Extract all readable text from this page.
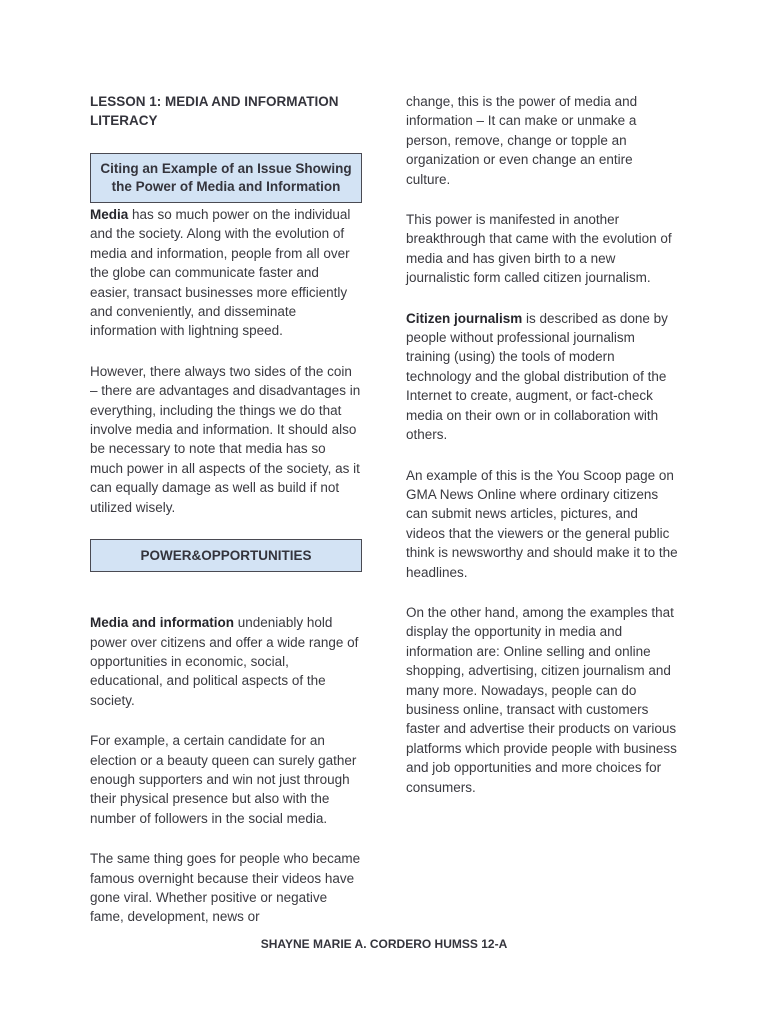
LESSON 1: MEDIA AND INFORMATION LITERACY
Citing an Example of an Issue Showing the Power of Media and Information

Media has so much power on the individual and the society. Along with the evolution of media and information, people from all over the globe can communicate faster and easier, transact businesses more efficiently and conveniently, and disseminate information with lightning speed.

However, there always two sides of the coin – there are advantages and disadvantages in everything, including the things we do that involve media and information. It should also be necessary to note that media has so much power in all aspects of the society, as it can equally damage as well as build if not utilized wisely.

POWER&OPPORTUNITIES

Media and information undeniably hold power over citizens and offer a wide range of opportunities in economic, social, educational, and political aspects of the society.

For example, a certain candidate for an election or a beauty queen can surely gather enough supporters and win not just through their physical presence but also with the number of followers in the social media.

The same thing goes for people who became famous overnight because their videos have gone viral. Whether positive or negative fame, development, news or

change, this is the power of media and information – It can make or unmake a person, remove, change or topple an organization or even change an entire culture.

This power is manifested in another breakthrough that came with the evolution of media and has given birth to a new journalistic form called citizen journalism.

Citizen journalism is described as done by people without professional journalism training (using) the tools of modern technology and the global distribution of the Internet to create, augment, or fact-check media on their own or in collaboration with others.

An example of this is the You Scoop page on GMA News Online where ordinary citizens can submit news articles, pictures, and videos that the viewers or the general public think is newsworthy and should make it to the headlines.

On the other hand, among the examples that display the opportunity in media and information are: Online selling and online shopping, advertising, citizen journalism and many more. Nowadays, people can do business online, transact with customers faster and advertise their products on various platforms which provide people with business and job opportunities and more choices for consumers.

SHAYNE MARIE A. CORDERO HUMSS 12-A
